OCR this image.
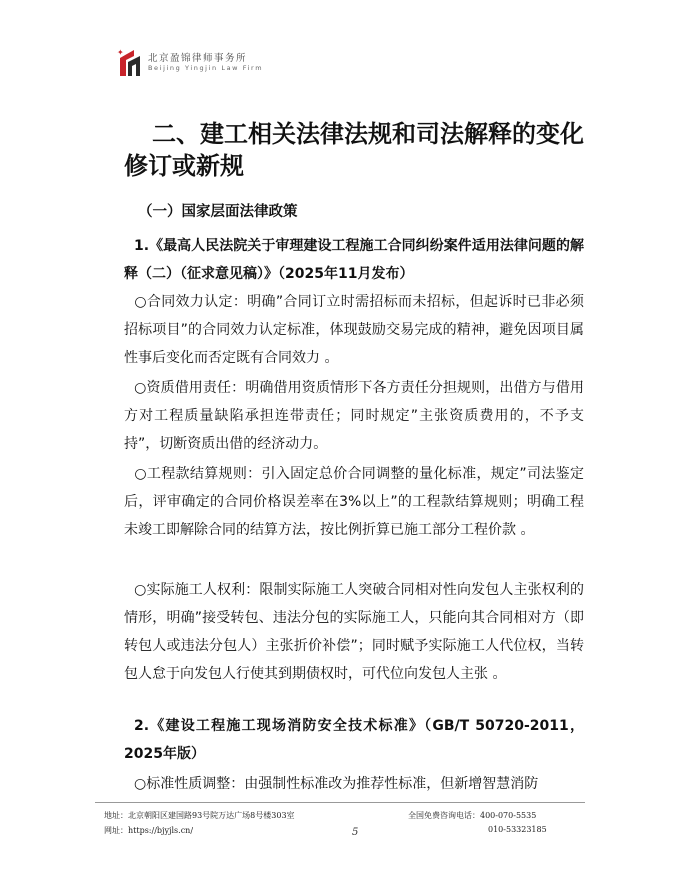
✦
北京盈锦律师事务所
Beijing Yingjin Law Firm
二、建工相关法律法规和司法解释的变化修订或新规
（一）国家层面法律政策

1.《最高人民法院关于审理建设工程施工合同纠纷案件适用法律问题的解释（二）（征求意见稿）》（2025年11月发布）

○合同效力认定：明确”合同订立时需招标而未招标，但起诉时已非必须招标项目”的合同效力认定标准，体现鼓励交易完成的精神，避免因项目属性事后变化而否定既有合同效力 。

○资质借用责任：明确借用资质情形下各方责任分担规则，出借方与借用方对工程质量缺陷承担连带责任；同时规定”主张资质费用的，不予支持”，切断资质出借的经济动力。

○工程款结算规则：引入固定总价合同调整的量化标准，规定”司法鉴定后，评审确定的合同价格误差率在3%以上”的工程款结算规则；明确工程未竣工即解除合同的结算方法，按比例折算已施工部分工程价款 。

○实际施工人权利：限制实际施工人突破合同相对性向发包人主张权利的情形，明确”接受转包、违法分包的实际施工人，只能向其合同相对方（即转包人或违法分包人）主张折价补偿”；同时赋予实际施工人代位权，当转包人怠于向发包人行使其到期债权时，可代位向发包人主张 。

2.《建设工程施工现场消防安全技术标准》（GB/T 50720-2011，2025年版）

○标准性质调整：由强制性标准改为推荐性标准，但新增智慧消防

地址：北京朝阳区建国路93号院万达广场8号楼303室
网址：https://bjyjls.cn/
全国免费咨询电话：400-070-5535
010-53323185
5
